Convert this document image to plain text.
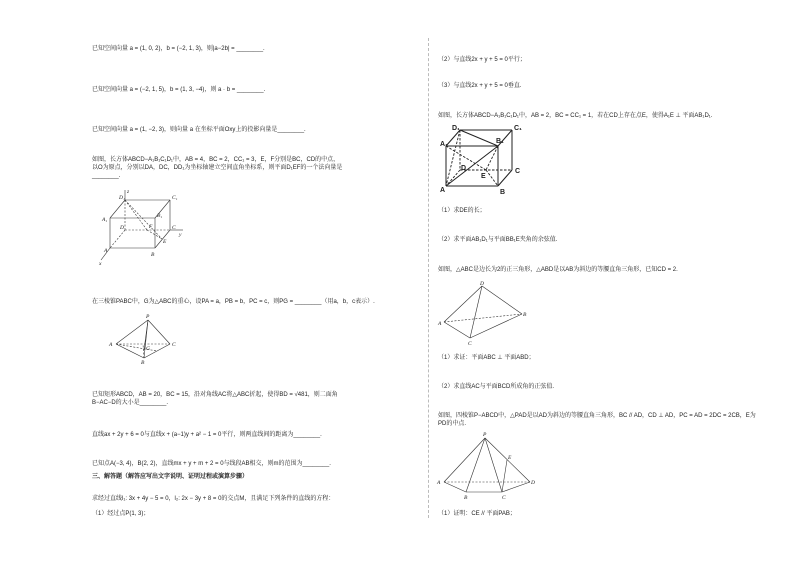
已知空间向量 a = (1, 0, 2)，b = (−2, 1, 3)，则|a−2b| = ________.
已知空间向量 a = (−2, 1, 5)，b = (1, 3, −4)，则 a · b = ________.
已知空间向量 a = (1, −2, 3)，则向量 a 在坐标平面Oxy上的投影向量是________.
如图，长方体ABCD−A₁B₁C₁D₁中，AB = 4，BC = 2，CC₁ = 3，E，F分别是BC，CD的中点，以O为原点，分别以DA，DC，DD₁为坐标轴建立空间直角坐标系，则平面D₁EF的一个法向量是________.
D₁	C₁
A₁
B₁
z
D	C
F
y
A
B
E
x
在三棱锥PABC中，G为△ABC的重心，设PA = a，PB = b，PC = c，则PG = ________（用a，b，c表示）.
P
G
A
B
C
已知矩形ABCD，AB = 20，BC = 15，沿对角线AC将△ABC折起，使得BD = √481，则二面角B−AC−D的大小是________.
直线ax + 2y + 6 = 0与直线x + (a−1)y + a² − 1 = 0平行，则两直线间的距离为________.
已知点A(−3, 4)，B(2, 2)，直线mx + y + m + 2 = 0与线段AB相交，则m的范围为________.
三、解答题（解答应写出文字说明、证明过程或演算步骤）
求经过直线l₁: 3x + 4y − 5 = 0，l₂: 2x − 3y + 8 = 0的交点M，且满足下列条件的直线的方程：
（1）经过点P(1, 3)；
（2）与直线2x + y + 5 = 0平行；
（3）与直线2x + y + 5 = 0垂直.
如图，长方体ABCD−A₁B₁C₁D₁中，AB = 2，BC = CC₁ = 1，若在CD上存在点E，使得A₁E ⊥ 平面AB₁D₁.
D₁	C₁
A₁	B₁
D	C
A
E
B
（1）求DE的长；
（2）求平面AB₁D₁与平面BB₁E夹角的余弦值.
如图，△ABC是边长为2的正三角形，△ABD是以AB为斜边的等腰直角三角形，已知CD = 2.
D
A
B
C
（1）求证：平面ABC ⊥ 平面ABD；
（2）求直线AC与平面BCD所成角的正弦值.
如图，四棱锥P−ABCD中，△PAD是以AD为斜边的等腰直角三角形，BC // AD，CD ⊥ AD，PC = AD = 2DC = 2CB，E为PD的中点.
P
E
A
B	C
D
（1）证明：CE // 平面PAB；
